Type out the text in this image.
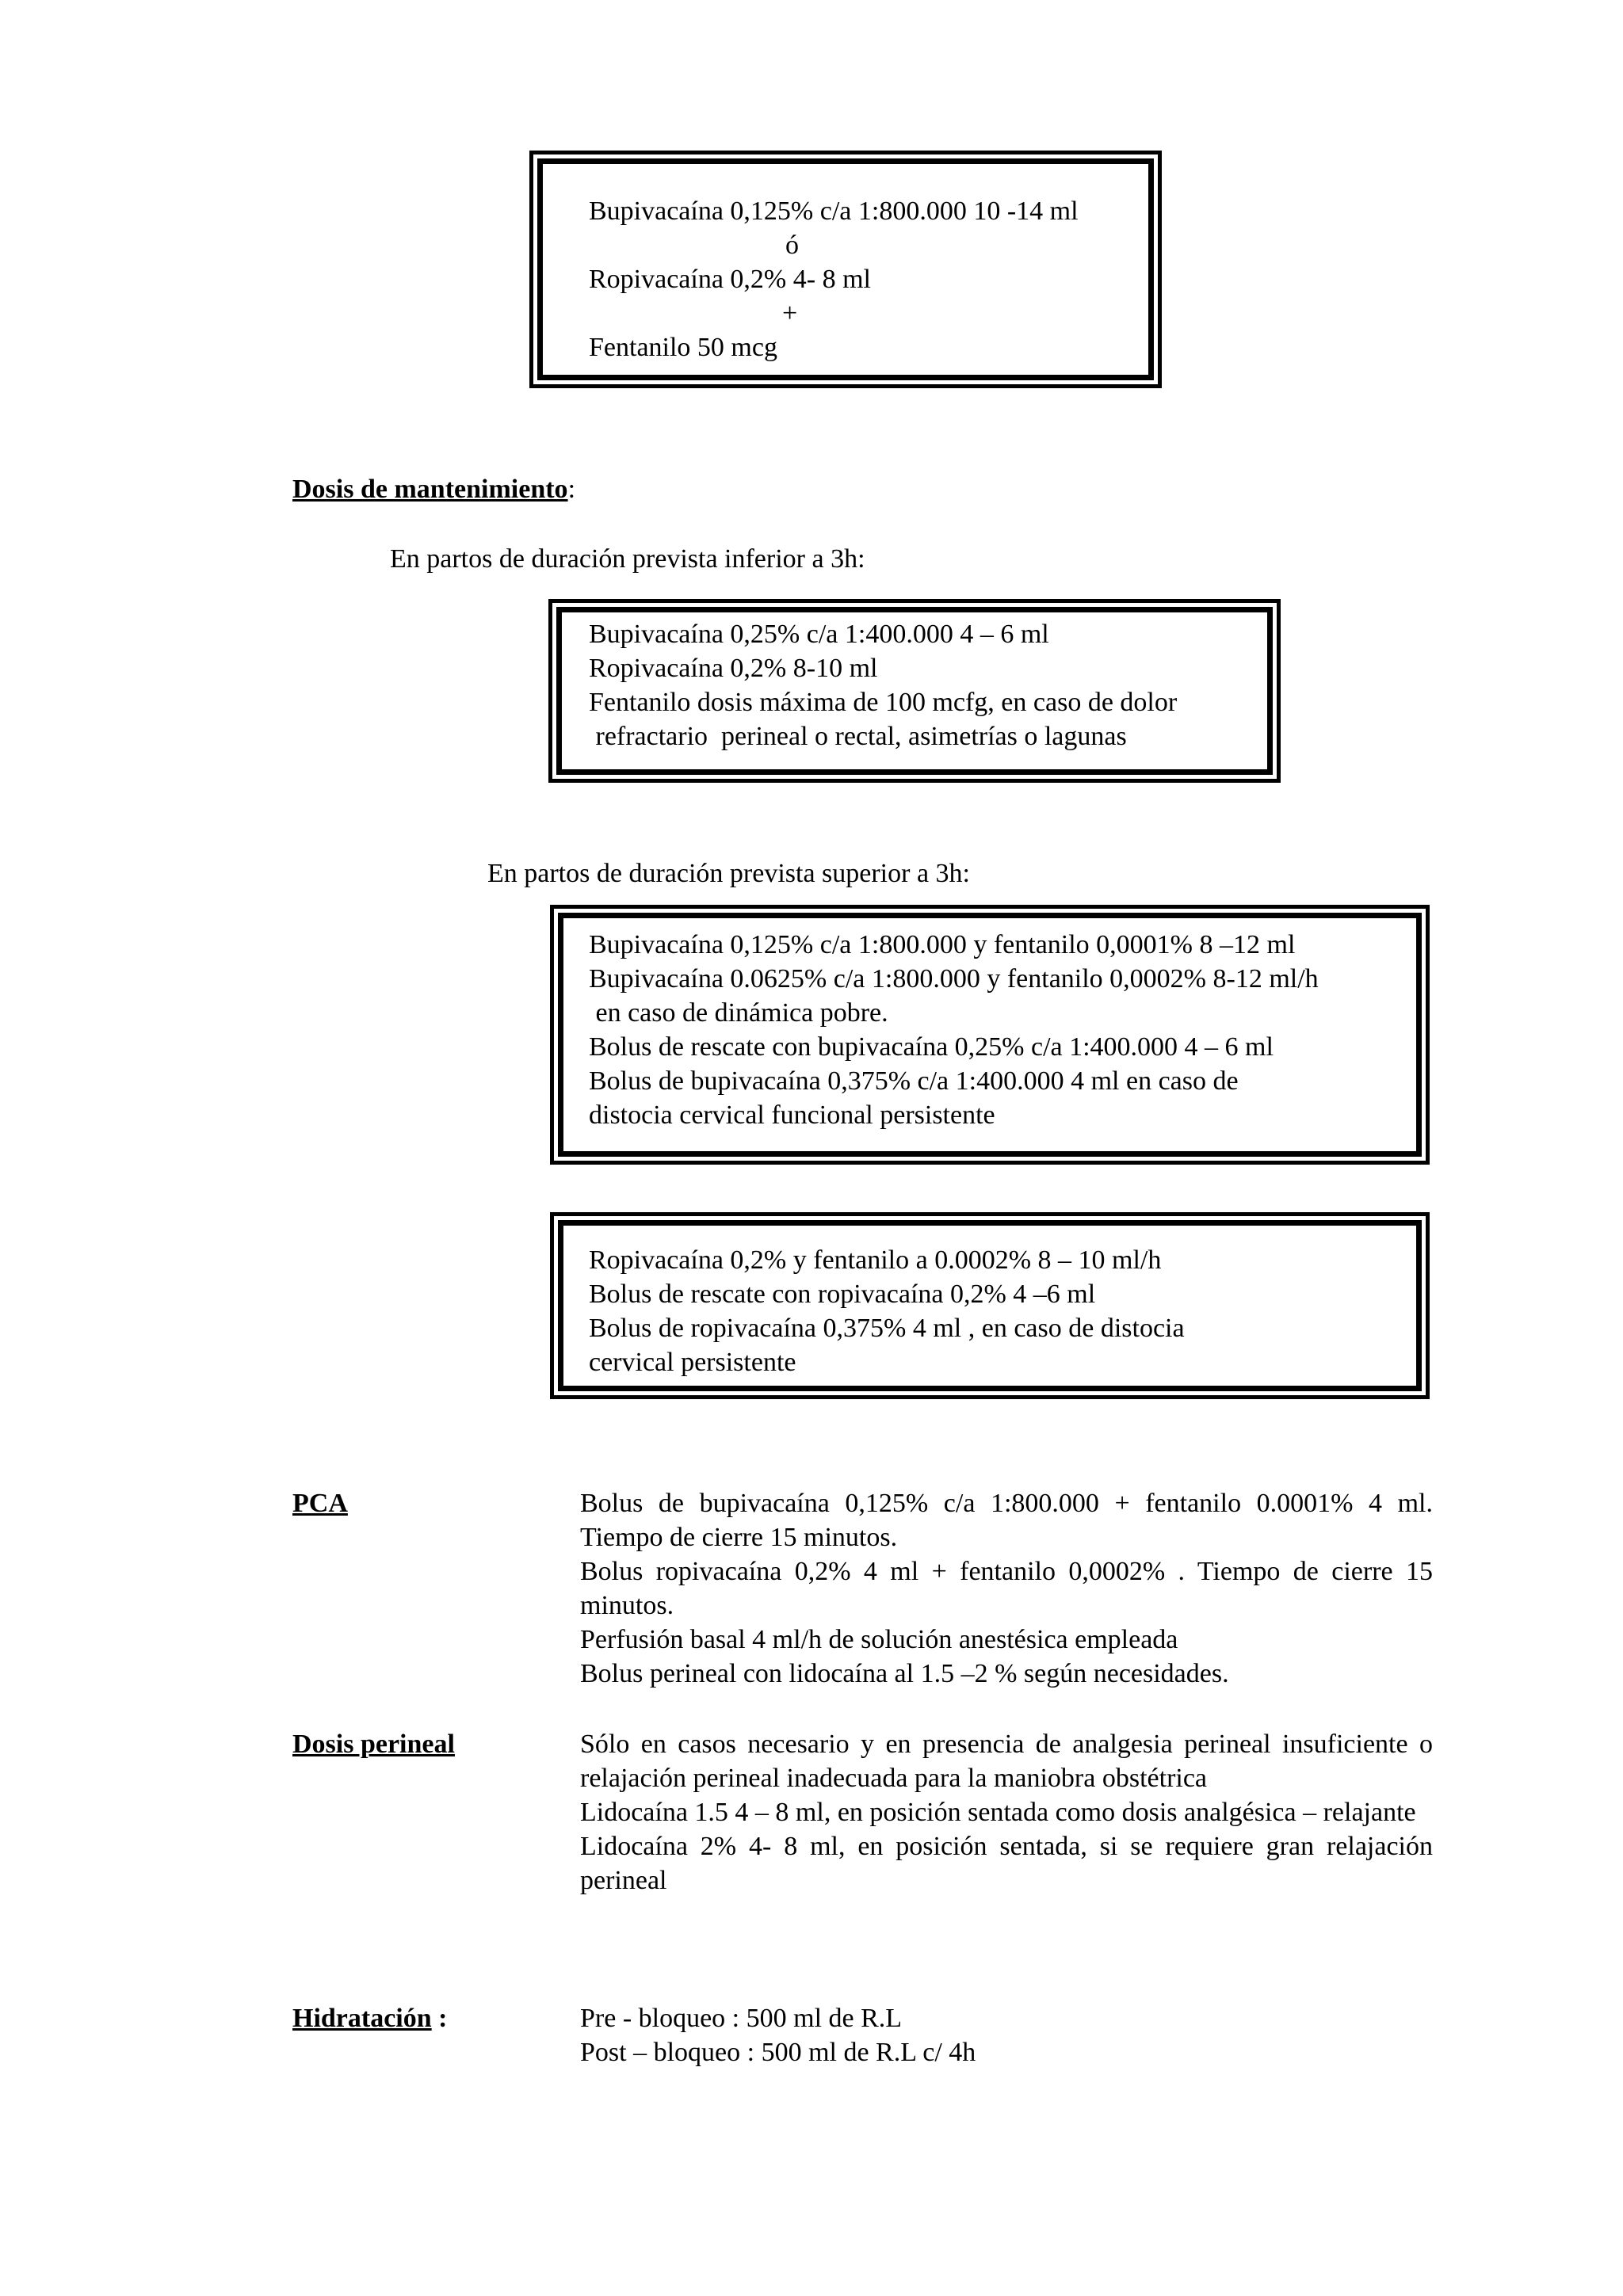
Bupivacaína 0,125% c/a 1:800.000 10 -14 ml
ó
Ropivacaína 0,2% 4- 8 ml
+
Fentanilo 50 mcg
Dosis de mantenimiento:
En partos de duración prevista inferior a 3h:
Bupivacaína 0,25% c/a 1:400.000 4 – 6 ml
Ropivacaína 0,2% 8-10 ml
Fentanilo dosis máxima de 100 mcfg, en caso de dolor
refractario  perineal o rectal, asimetrías o lagunas
En partos de duración prevista superior a 3h:
Bupivacaína 0,125% c/a 1:800.000 y fentanilo 0,0001% 8 –12 ml
Bupivacaína 0.0625% c/a 1:800.000 y fentanilo 0,0002% 8-12 ml/h
en caso de dinámica pobre.
Bolus de rescate con bupivacaína 0,25% c/a 1:400.000 4 – 6 ml
Bolus de bupivacaína 0,375% c/a 1:400.000 4 ml en caso de
distocia cervical funcional persistente
Ropivacaína 0,2% y fentanilo a 0.0002% 8 – 10 ml/h
Bolus de rescate con ropivacaína 0,2% 4 –6 ml
Bolus de ropivacaína 0,375% 4 ml , en caso de distocia
cervical persistente
PCA	Bolus de bupivacaína 0,125% c/a 1:800.000 + fentanilo 0.0001% 4 ml. Tiempo de cierre 15 minutos.
Bolus ropivacaína 0,2% 4 ml + fentanilo 0,0002% . Tiempo de cierre 15 minutos.
Perfusión basal 4 ml/h de solución anestésica empleada
Bolus perineal con lidocaína al 1.5 –2 % según necesidades.
Dosis perineal	Sólo en casos necesario y en presencia de analgesia perineal insuficiente o relajación perineal inadecuada para la maniobra obstétrica
Lidocaína 1.5 4 – 8 ml, en posición sentada como dosis analgésica – relajante
Lidocaína 2% 4- 8 ml, en posición sentada, si se requiere gran relajación perineal
Hidratación :	Pre - bloqueo : 500 ml de R.L
Post – bloqueo : 500 ml de R.L c/ 4h
